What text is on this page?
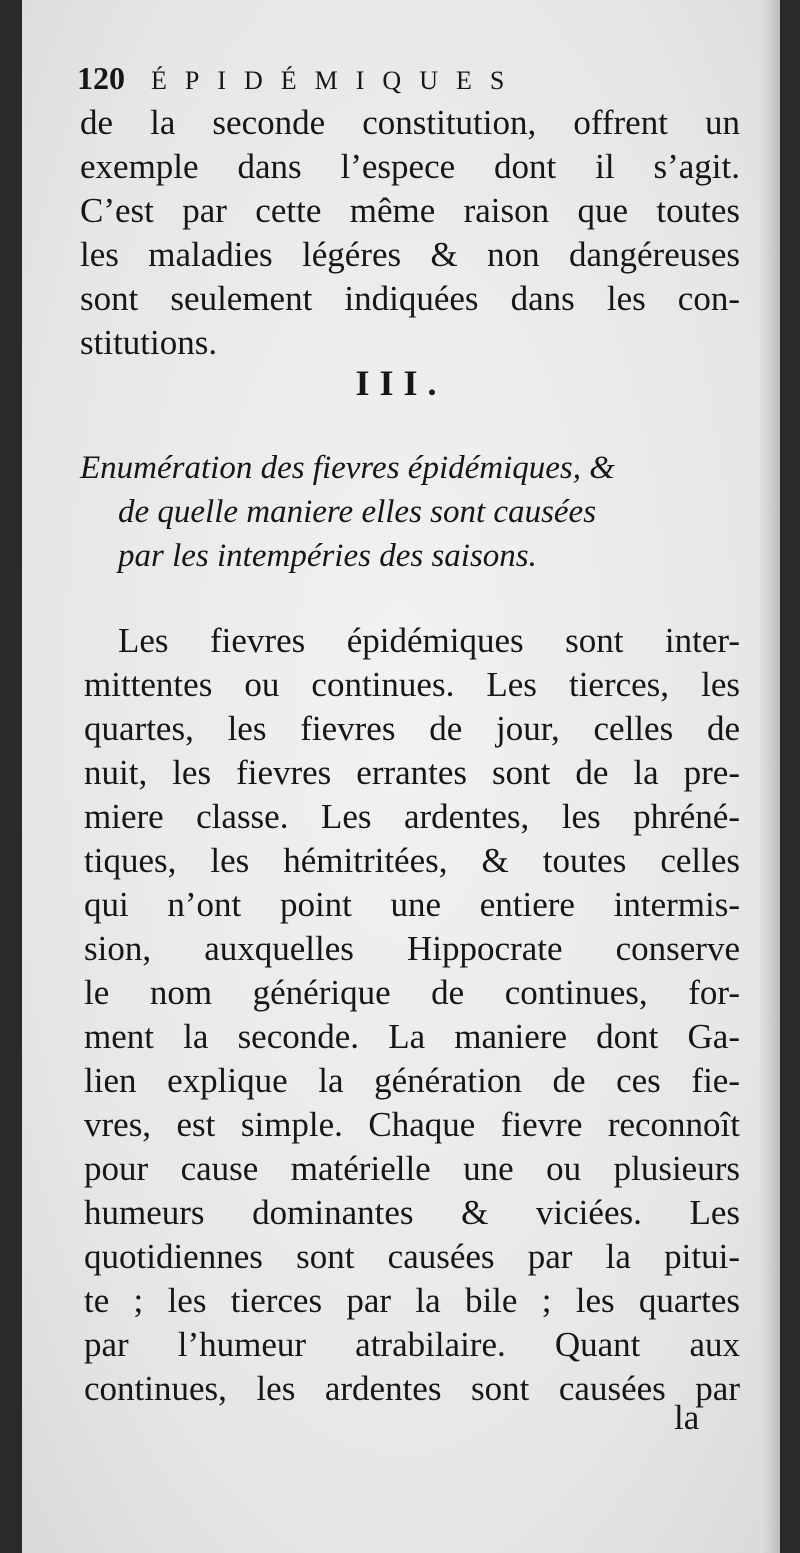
120 ÉPIDÉMIQUES
de la seconde constitution, offrent un
exemple dans l’espece dont il s’agit.
C’est par cette même raison que toutes
les maladies légéres & non dangéreuses
sont seulement indiquées dans les con-
stitutions.
III.
Enumération des fievres épidémiques, &
de quelle maniere elles sont causées
par les intempéries des saisons.
Les fievres épidémiques sont inter-
mittentes ou continues. Les tierces, les
quartes, les fievres de jour, celles de
nuit, les fievres errantes sont de la pre-
miere classe. Les ardentes, les phréné-
tiques, les hémitritées, & toutes celles
qui n’ont point une entiere intermis-
sion, auxquelles Hippocrate conserve
le nom générique de continues, for-
ment la seconde. La maniere dont Ga-
lien explique la génération de ces fie-
vres, est simple. Chaque fievre reconnoît
pour cause matérielle une ou plusieurs
humeurs dominantes & viciées. Les
quotidiennes sont causées par la pitui-
te ; les tierces par la bile ; les quartes
par l’humeur atrabilaire. Quant aux
continues, les ardentes sont causées par
la
